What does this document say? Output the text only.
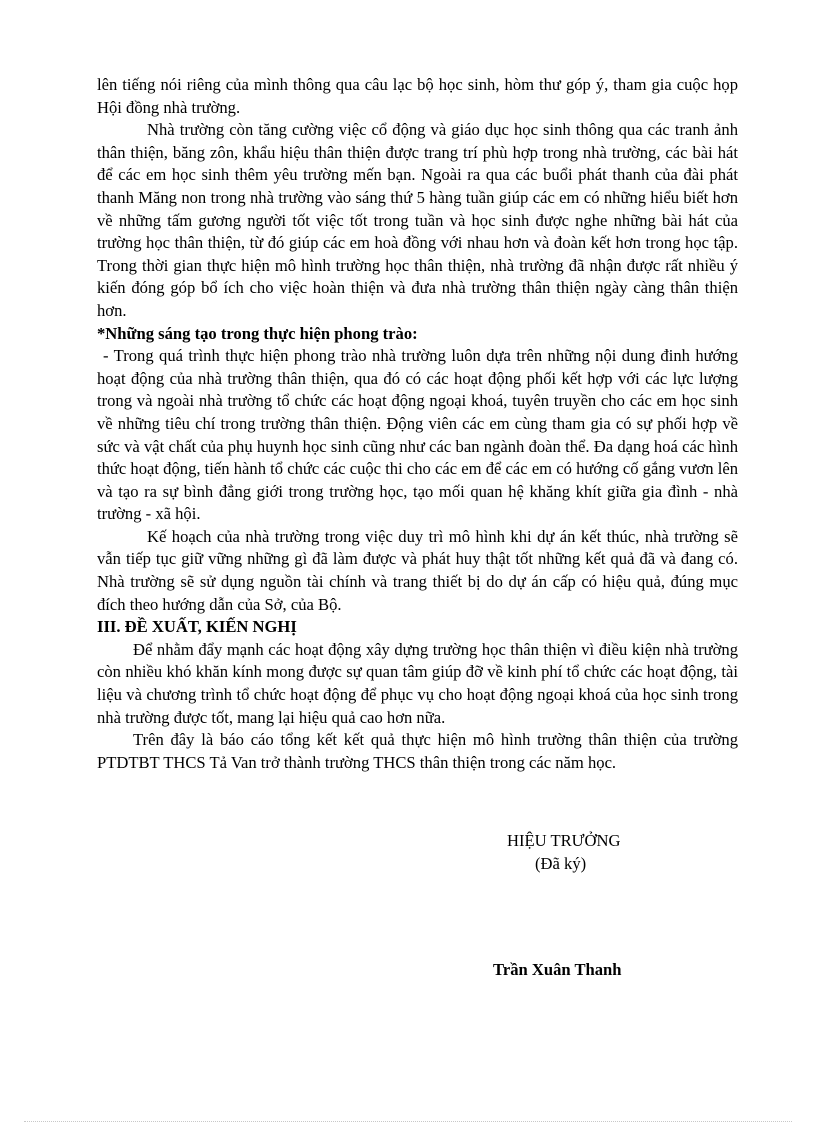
lên tiếng nói riêng của mình thông qua câu lạc bộ học sinh, hòm thư góp ý, tham gia cuộc họp Hội đồng nhà trường.

Nhà trường còn tăng cường việc cổ động và giáo dục học sinh thông qua các tranh ảnh thân thiện, băng zôn, khẩu hiệu thân thiện được trang trí phù hợp trong nhà trường, các bài hát để các em học sinh thêm yêu trường mến bạn. Ngoài ra qua các buổi phát thanh của đài phát thanh Măng non trong nhà trường vào sáng thứ 5 hàng tuần giúp các em có những hiểu biết hơn về những tấm gương người tốt việc tốt trong tuần và học sinh được nghe những bài hát của trường học thân thiện, từ đó giúp các em hoà đồng với nhau hơn và đoàn kết hơn trong học tập. Trong thời gian thực hiện mô hình trường học thân thiện, nhà trường đã nhận được rất nhiều ý kiến đóng góp bổ ích cho việc hoàn thiện và đưa nhà trường thân thiện ngày càng thân thiện hơn.

*Những sáng tạo trong thực hiện phong trào:

- Trong quá trình thực hiện phong trào nhà trường luôn dựa trên những nội dung đinh hướng hoạt động của nhà trường thân thiện, qua đó có các hoạt động phối kết hợp với các lực lượng trong và ngoài nhà trường tổ chức các hoạt động ngoại khoá, tuyên truyền cho các em học sinh về những tiêu chí trong trường thân thiện. Động viên các em cùng tham gia có sự phối hợp về sức và vật chất của phụ huynh học sinh cũng như các ban ngành đoàn thể. Đa dạng hoá các hình thức hoạt động, tiến hành tổ chức các cuộc thi cho các em để các em có hướng cố gắng vươn lên và tạo ra sự bình đẳng giới trong trường học, tạo mối quan hệ khăng khít giữa gia đình - nhà trường - xã hội.

Kế hoạch của nhà trường trong việc duy trì mô hình khi dự án kết thúc, nhà trường sẽ vẫn tiếp tục giữ vững những gì đã làm được và phát huy thật tốt những kết quả đã và đang có. Nhà trường sẽ sử dụng nguồn tài chính và trang thiết bị do dự án cấp có hiệu quả, đúng mục đích theo hướng dẫn của Sở, của Bộ.

III. ĐỀ XUẤT, KIẾN NGHỊ

Để nhằm đẩy mạnh các hoạt động xây dựng trường học thân thiện vì điều kiện nhà trường còn nhiều khó khăn kính mong được sự quan tâm giúp đỡ về kinh phí tổ chức các hoạt động, tài liệu và chương trình tổ chức hoạt động để phục vụ cho hoạt động ngoại khoá của học sinh trong nhà trường được tốt, mang lại hiệu quả cao hơn nữa.

Trên đây là báo cáo tổng kết kết quả thực hiện mô hình trường thân thiện của trường PTDTBT THCS Tả Van trở thành trường THCS thân thiện trong các năm học.

HIỆU TRƯỞNG
(Đã ký)
Trần Xuân Thanh
